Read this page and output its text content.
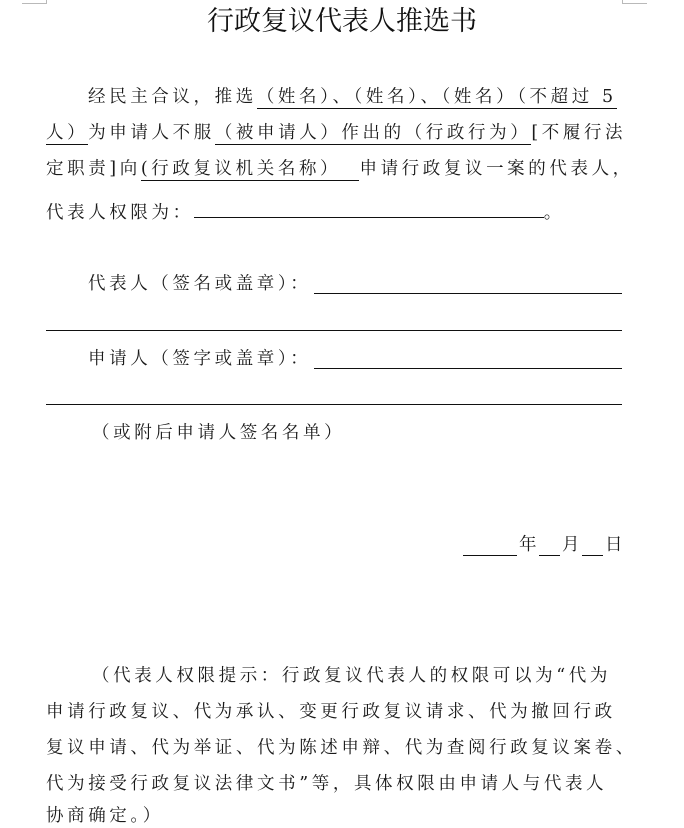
行政复议代表人推选书
经民主合议，推选（姓名）、（姓名）、（姓名）（不超过 5
人）为申请人不服（被申请人）作出的（行政行为）[不履行法
定职责]向(行政复议机关名称）  申请行政复议一案的代表人，
代表人权限为：	。
代表人（签名或盖章）：
申请人（签字或盖章）：
（或附后申请人签名名单）
年 月 日
（代表人权限提示：行政复议代表人的权限可以为“代为
申请行政复议、代为承认、变更行政复议请求、代为撤回行政
复议申请、代为举证、代为陈述申辩、代为查阅行政复议案卷、
代为接受行政复议法律文书”等，具体权限由申请人与代表人
协商确定。）
